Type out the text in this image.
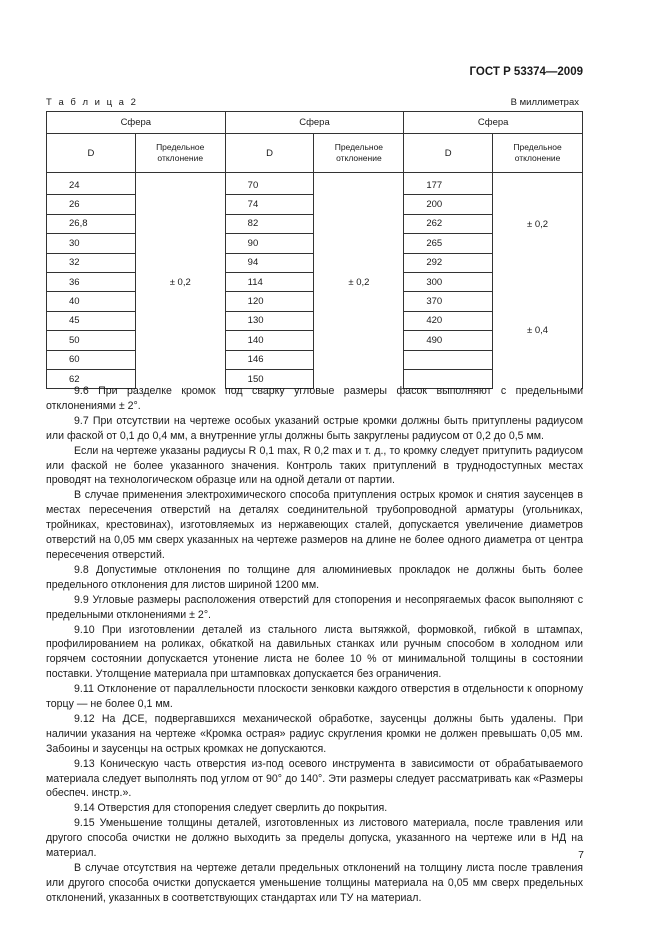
ГОСТ Р 53374—2009
Т а б л и ц а 2	В миллиметрах
Сфера		Сфера		Сфера	
D	Предельное отклонение	D	Предельное отклонение	D	Предельное отклонение

24	± 0,2	70	± 0,2	177	± 0,2
26		74		200	
26,8		82		262	
30		90		265	
32		94		292	
36		114		300	± 0,4
40		120		370	
45		130		420	
50		140		490	
60		146			
62		150			

9.6 При разделке кромок под сварку угловые размеры фасок выполняют с предельными отклонениями ± 2°.

9.7 При отсутствии на чертеже особых указаний острые кромки должны быть притуплены радиусом или фаской от 0,1 до 0,4 мм, а внутренние углы должны быть закруглены радиусом от 0,2 до 0,5 мм.

Если на чертеже указаны радиусы R 0,1 max, R 0,2 max и т. д., то кромку следует притупить радиусом или фаской не более указанного значения. Контроль таких притуплений в труднодоступных местах проводят на технологическом образце или на одной детали от партии.

В случае применения электрохимического способа притупления острых кромок и снятия заусенцев в местах пересечения отверстий на деталях соединительной трубопроводной арматуры (угольниках, тройниках, крестовинах), изготовляемых из нержавеющих сталей, допускается увеличение диаметров отверстий на 0,05 мм сверх указанных на чертеже размеров на длине не более одного диаметра от центра пересечения отверстий.

9.8 Допустимые отклонения по толщине для алюминиевых прокладок не должны быть более предельного отклонения для листов шириной 1200 мм.

9.9 Угловые размеры расположения отверстий для стопорения и несопрягаемых фасок выполняют с предельными отклонениями ± 2°.

9.10 При изготовлении деталей из стального листа вытяжкой, формовкой, гибкой в штампах, профилированием на роликах, обкаткой на давильных станках или ручным способом в холодном или горячем состоянии допускается утонение листа не более 10 % от минимальной толщины в состоянии поставки. Утолщение материала при штамповках допускается без ограничения.

9.11 Отклонение от параллельности плоскости зенковки каждого отверстия в отдельности к опорному торцу — не более 0,1 мм.

9.12 На ДСЕ, подвергавшихся механической обработке, заусенцы должны быть удалены. При наличии указания на чертеже «Кромка острая» радиус скругления кромки не должен превышать 0,05 мм. Забоины и заусенцы на острых кромках не допускаются.

9.13 Коническую часть отверстия из-под осевого инструмента в зависимости от обрабатываемого материала следует выполнять под углом от 90° до 140°. Эти размеры следует рассматривать как «Размеры обеспеч. инстр.».

9.14 Отверстия для стопорения следует сверлить до покрытия.

9.15 Уменьшение толщины деталей, изготовленных из листового материала, после травления или другого способа очистки не должно выходить за пределы допуска, указанного на чертеже или в НД на материал.

В случае отсутствия на чертеже детали предельных отклонений на толщину листа после травления или другого способа очистки допускается уменьшение толщины материала на 0,05 мм сверх предельных отклонений, указанных в соответствующих стандартах или ТУ на материал.

7
